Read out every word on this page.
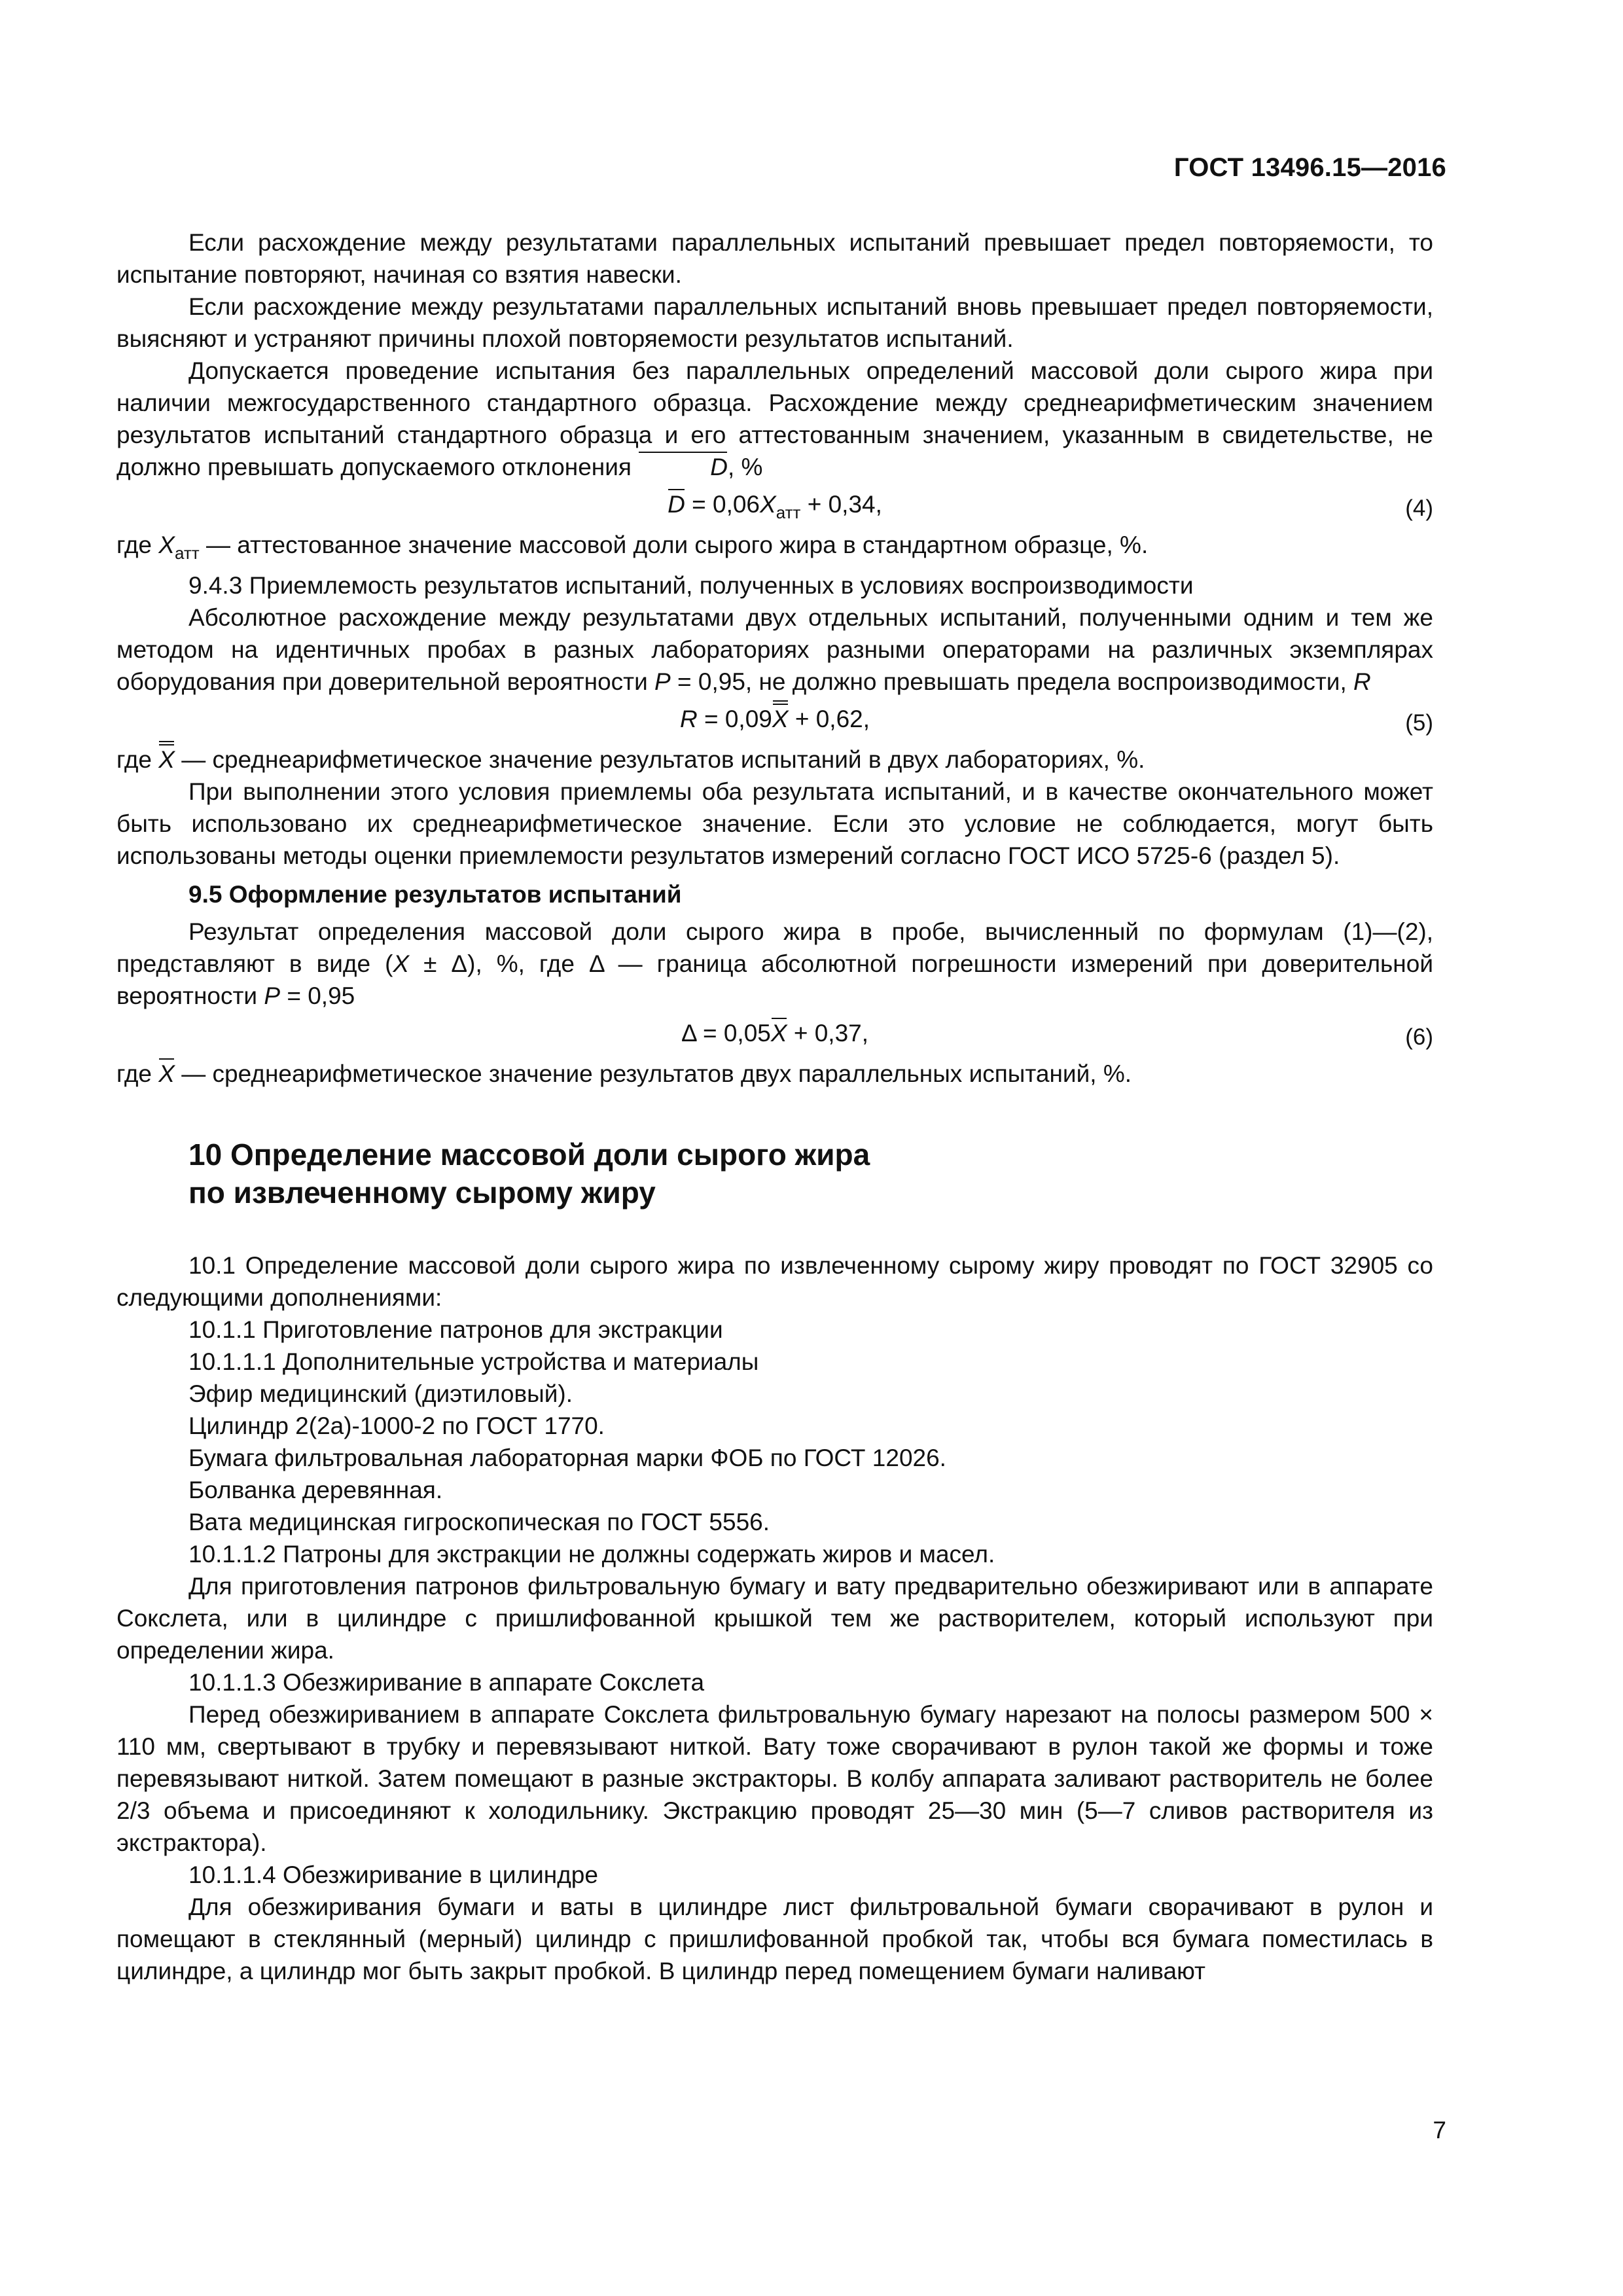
ГОСТ 13496.15—2016

Если расхождение между результатами параллельных испытаний превышает предел повторяемости, то испытание повторяют, начиная со взятия навески.

Если расхождение между результатами параллельных испытаний вновь превышает предел повторяемости, выясняют и устраняют причины плохой повторяемости результатов испытаний.

Допускается проведение испытания без параллельных определений массовой доли сырого жира при наличии межгосударственного стандартного образца. Расхождение между среднеарифметическим значением результатов испытаний стандартного образца и его аттестованным значением, указанным в свидетельстве, не должно превышать допускаемого отклонения	D, %

$D = 0,06X_{атт} + 0,34$,	(4)

где $X_{атт}$ — аттестованное значение массовой доли сырого жира в стандартном образце, %.

9.4.3 Приемлемость результатов испытаний, полученных в условиях воспроизводимости

Абсолютное расхождение между результатами двух отдельных испытаний, полученными одним и тем же методом на идентичных пробах в разных лабораториях разными операторами на различных экземплярах оборудования при доверительной вероятности P = 0,95, не должно превышать предела воспроизводимости, R

R = 0,09X + 0,62,	(5)

где X — среднеарифметическое значение результатов испытаний в двух лабораториях, %.

При выполнении этого условия приемлемы оба результата испытаний, и в качестве окончательного может быть использовано их среднеарифметическое значение. Если это условие не соблюдается, могут быть использованы методы оценки приемлемости результатов измерений согласно ГОСТ ИСО 5725-6 (раздел 5).

9.5 Оформление результатов испытаний

Результат определения массовой доли сырого жира в пробе, вычисленный по формулам (1)—(2), представляют в виде (X ± Δ), %, где Δ — граница абсолютной погрешности измерений при доверительной вероятности P = 0,95

Δ = 0,05X + 0,37,	(6)

где X — среднеарифметическое значение результатов двух параллельных испытаний, %.

10 Определение массовой доли сырого жира
по извлеченному сырому жиру

10.1 Определение массовой доли сырого жира по извлеченному сырому жиру проводят по ГОСТ 32905 со следующими дополнениями:

10.1.1 Приготовление патронов для экстракции

10.1.1.1 Дополнительные устройства и материалы

Эфир медицинский (диэтиловый).

Цилиндр 2(2а)-1000-2 по ГОСТ 1770.

Бумага фильтровальная лабораторная марки ФОБ по ГОСТ 12026.

Болванка деревянная.

Вата медицинская гигроскопическая по ГОСТ 5556.

10.1.1.2 Патроны для экстракции не должны содержать жиров и масел.

Для приготовления патронов фильтровальную бумагу и вату предварительно обезжиривают или в аппарате Сокслета, или в цилиндре с пришлифованной крышкой тем же растворителем, который используют при определении жира.

10.1.1.3 Обезжиривание в аппарате Сокслета

Перед обезжириванием в аппарате Сокслета фильтровальную бумагу нарезают на полосы размером 500 × 110 мм, свертывают в трубку и перевязывают ниткой. Вату тоже сворачивают в рулон такой же формы и тоже перевязывают ниткой. Затем помещают в разные экстракторы. В колбу аппарата заливают растворитель не более 2/3 объема и присоединяют к холодильнику. Экстракцию проводят 25—30 мин (5—7 сливов растворителя из экстрактора).

10.1.1.4 Обезжиривание в цилиндре

Для обезжиривания бумаги и ваты в цилиндре лист фильтровальной бумаги сворачивают в рулон и помещают в стеклянный (мерный) цилиндр с пришлифованной пробкой так, чтобы вся бумага поместилась в цилиндре, а цилиндр мог быть закрыт пробкой. В цилиндр перед помещением бумаги наливают

7
